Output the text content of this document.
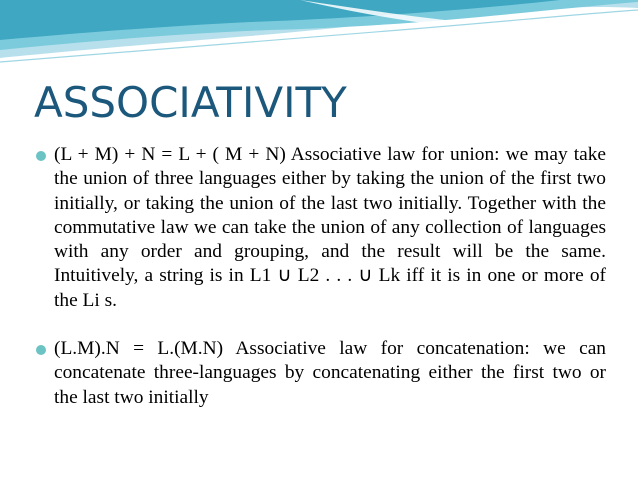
ASSOCIATIVITY
(L + M) + N = L + ( M + N) Associative law for union: we may take the union of three languages either by taking the union of the first two initially, or taking the union of the last two initially. Together with the commutative law we can take the union of any collection of languages with any order and grouping, and the result will be the same. Intuitively, a string is in L1 ∪ L2 . . . ∪ Lk iff it is in one or more of the Li s.
(L.M).N = L.(M.N) Associative law for concatenation: we can concatenate three-languages by concatenating either the first two or the last two initially
